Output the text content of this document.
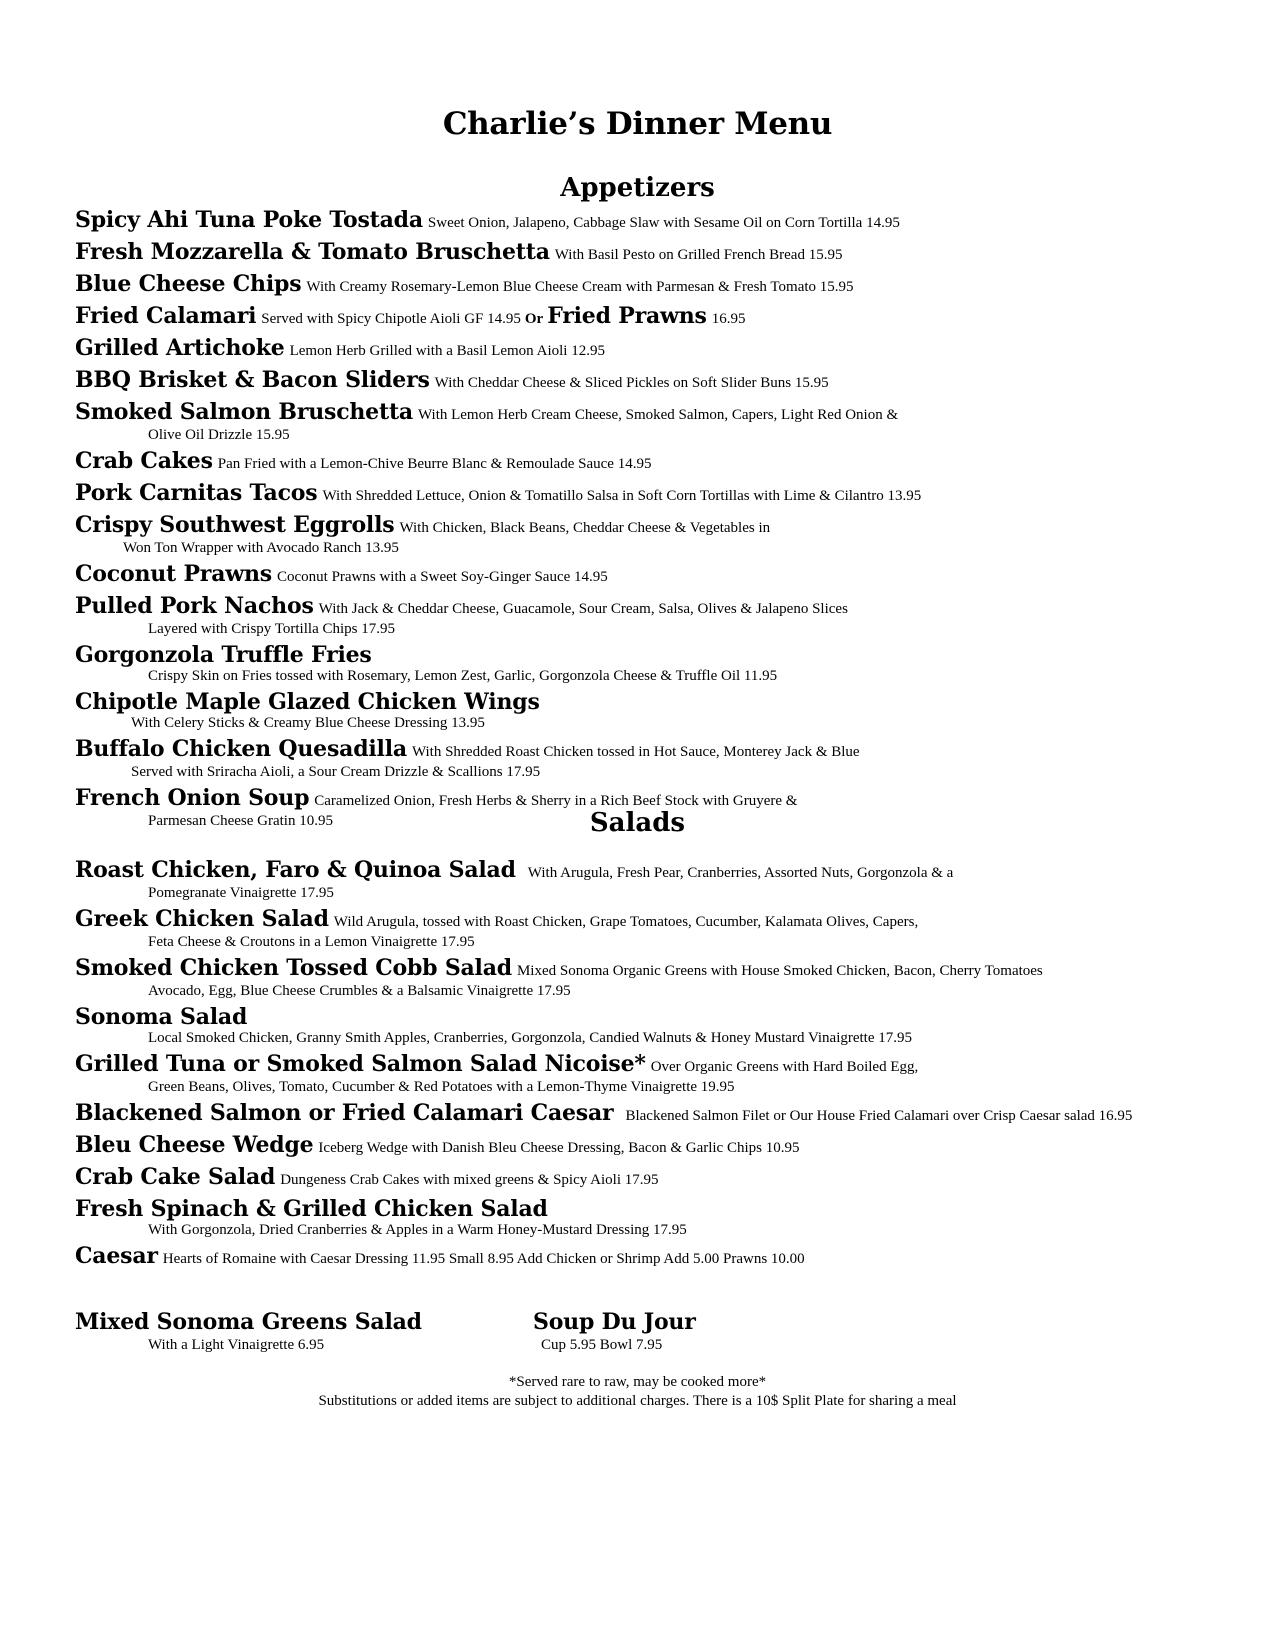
Charlie’s Dinner Menu
Appetizers
Spicy Ahi Tuna Poke Tostada Sweet Onion, Jalapeno, Cabbage Slaw with Sesame Oil on Corn Tortilla 14.95
Fresh Mozzarella & Tomato Bruschetta With Basil Pesto on Grilled French Bread 15.95
Blue Cheese Chips With Creamy Rosemary-Lemon Blue Cheese Cream with Parmesan & Fresh Tomato 15.95
Fried Calamari Served with Spicy Chipotle Aioli GF 14.95 Or Fried Prawns 16.95
Grilled Artichoke Lemon Herb Grilled with a Basil Lemon Aioli 12.95
BBQ Brisket & Bacon Sliders With Cheddar Cheese & Sliced Pickles on Soft Slider Buns 15.95
Smoked Salmon Bruschetta With Lemon Herb Cream Cheese, Smoked Salmon, Capers, Light Red Onion &
Olive Oil Drizzle 15.95
Crab Cakes Pan Fried with a Lemon-Chive Beurre Blanc & Remoulade Sauce 14.95
Pork Carnitas Tacos With Shredded Lettuce, Onion & Tomatillo Salsa in Soft Corn Tortillas with Lime & Cilantro 13.95
Crispy Southwest Eggrolls With Chicken, Black Beans, Cheddar Cheese & Vegetables in
Won Ton Wrapper with Avocado Ranch 13.95
Coconut Prawns Coconut Prawns with a Sweet Soy-Ginger Sauce 14.95
Pulled Pork Nachos With Jack & Cheddar Cheese, Guacamole, Sour Cream, Salsa, Olives & Jalapeno Slices
Layered with Crispy Tortilla Chips 17.95
Gorgonzola Truffle Fries
Crispy Skin on Fries tossed with Rosemary, Lemon Zest, Garlic, Gorgonzola Cheese & Truffle Oil 11.95
Chipotle Maple Glazed Chicken Wings
With Celery Sticks & Creamy Blue Cheese Dressing 13.95
Buffalo Chicken Quesadilla With Shredded Roast Chicken tossed in Hot Sauce, Monterey Jack & Blue
Served with Sriracha Aioli, a Sour Cream Drizzle & Scallions 17.95
French Onion Soup Caramelized Onion, Fresh Herbs & Sherry in a Rich Beef Stock with Gruyere &
Parmesan Cheese Gratin 10.95	Salads
Roast Chicken, Faro & Quinoa Salad With Arugula, Fresh Pear, Cranberries, Assorted Nuts, Gorgonzola & a
Pomegranate Vinaigrette 17.95
Greek Chicken Salad Wild Arugula, tossed with Roast Chicken, Grape Tomatoes, Cucumber, Kalamata Olives, Capers,
Feta Cheese & Croutons in a Lemon Vinaigrette 17.95
Smoked Chicken Tossed Cobb Salad Mixed Sonoma Organic Greens with House Smoked Chicken, Bacon, Cherry Tomatoes
Avocado, Egg, Blue Cheese Crumbles & a Balsamic Vinaigrette 17.95
Sonoma Salad
Local Smoked Chicken, Granny Smith Apples, Cranberries, Gorgonzola, Candied Walnuts & Honey Mustard Vinaigrette 17.95
Grilled Tuna or Smoked Salmon Salad Nicoise* Over Organic Greens with Hard Boiled Egg,
Green Beans, Olives, Tomato, Cucumber & Red Potatoes with a Lemon-Thyme Vinaigrette 19.95
Blackened Salmon or Fried Calamari Caesar Blackened Salmon Filet or Our House Fried Calamari over Crisp Caesar salad 16.95
Bleu Cheese Wedge Iceberg Wedge with Danish Bleu Cheese Dressing, Bacon & Garlic Chips 10.95
Crab Cake Salad Dungeness Crab Cakes with mixed greens & Spicy Aioli 17.95
Fresh Spinach & Grilled Chicken Salad
With Gorgonzola, Dried Cranberries & Apples in a Warm Honey-Mustard Dressing 17.95
Caesar Hearts of Romaine with Caesar Dressing 11.95 Small 8.95 Add Chicken or Shrimp Add 5.00 Prawns 10.00
Mixed Sonoma Greens Salad
With a Light Vinaigrette 6.95
Soup Du Jour
Cup 5.95 Bowl 7.95
*Served rare to raw, may be cooked more*
Substitutions or added items are subject to additional charges. There is a 10$ Split Plate for sharing a meal
